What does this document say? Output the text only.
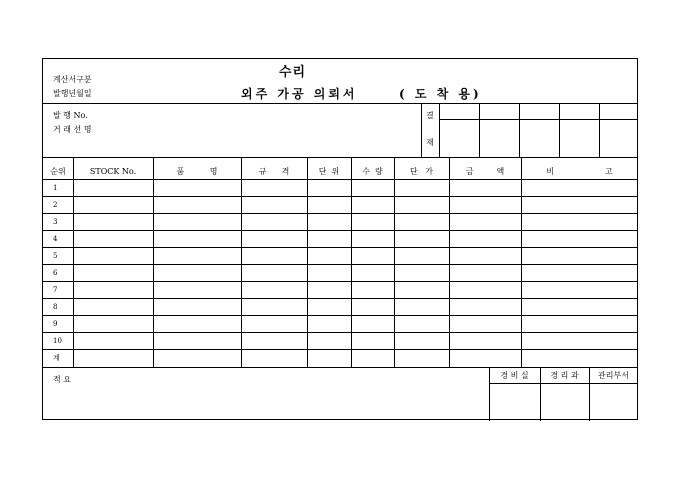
계산서구분
발행년월일
수리
외주 가공 의뢰서	( 도 착 용)
발 행 No.
거 래 선 명
결
재
순위	STOCK No.	품          명	규      격	단  위	수  량	단   가	금         액	비                    고
1
2
3
4
5
6
7
8
9
10
계
적 요	경 비 실	경 리 과	관리부서
